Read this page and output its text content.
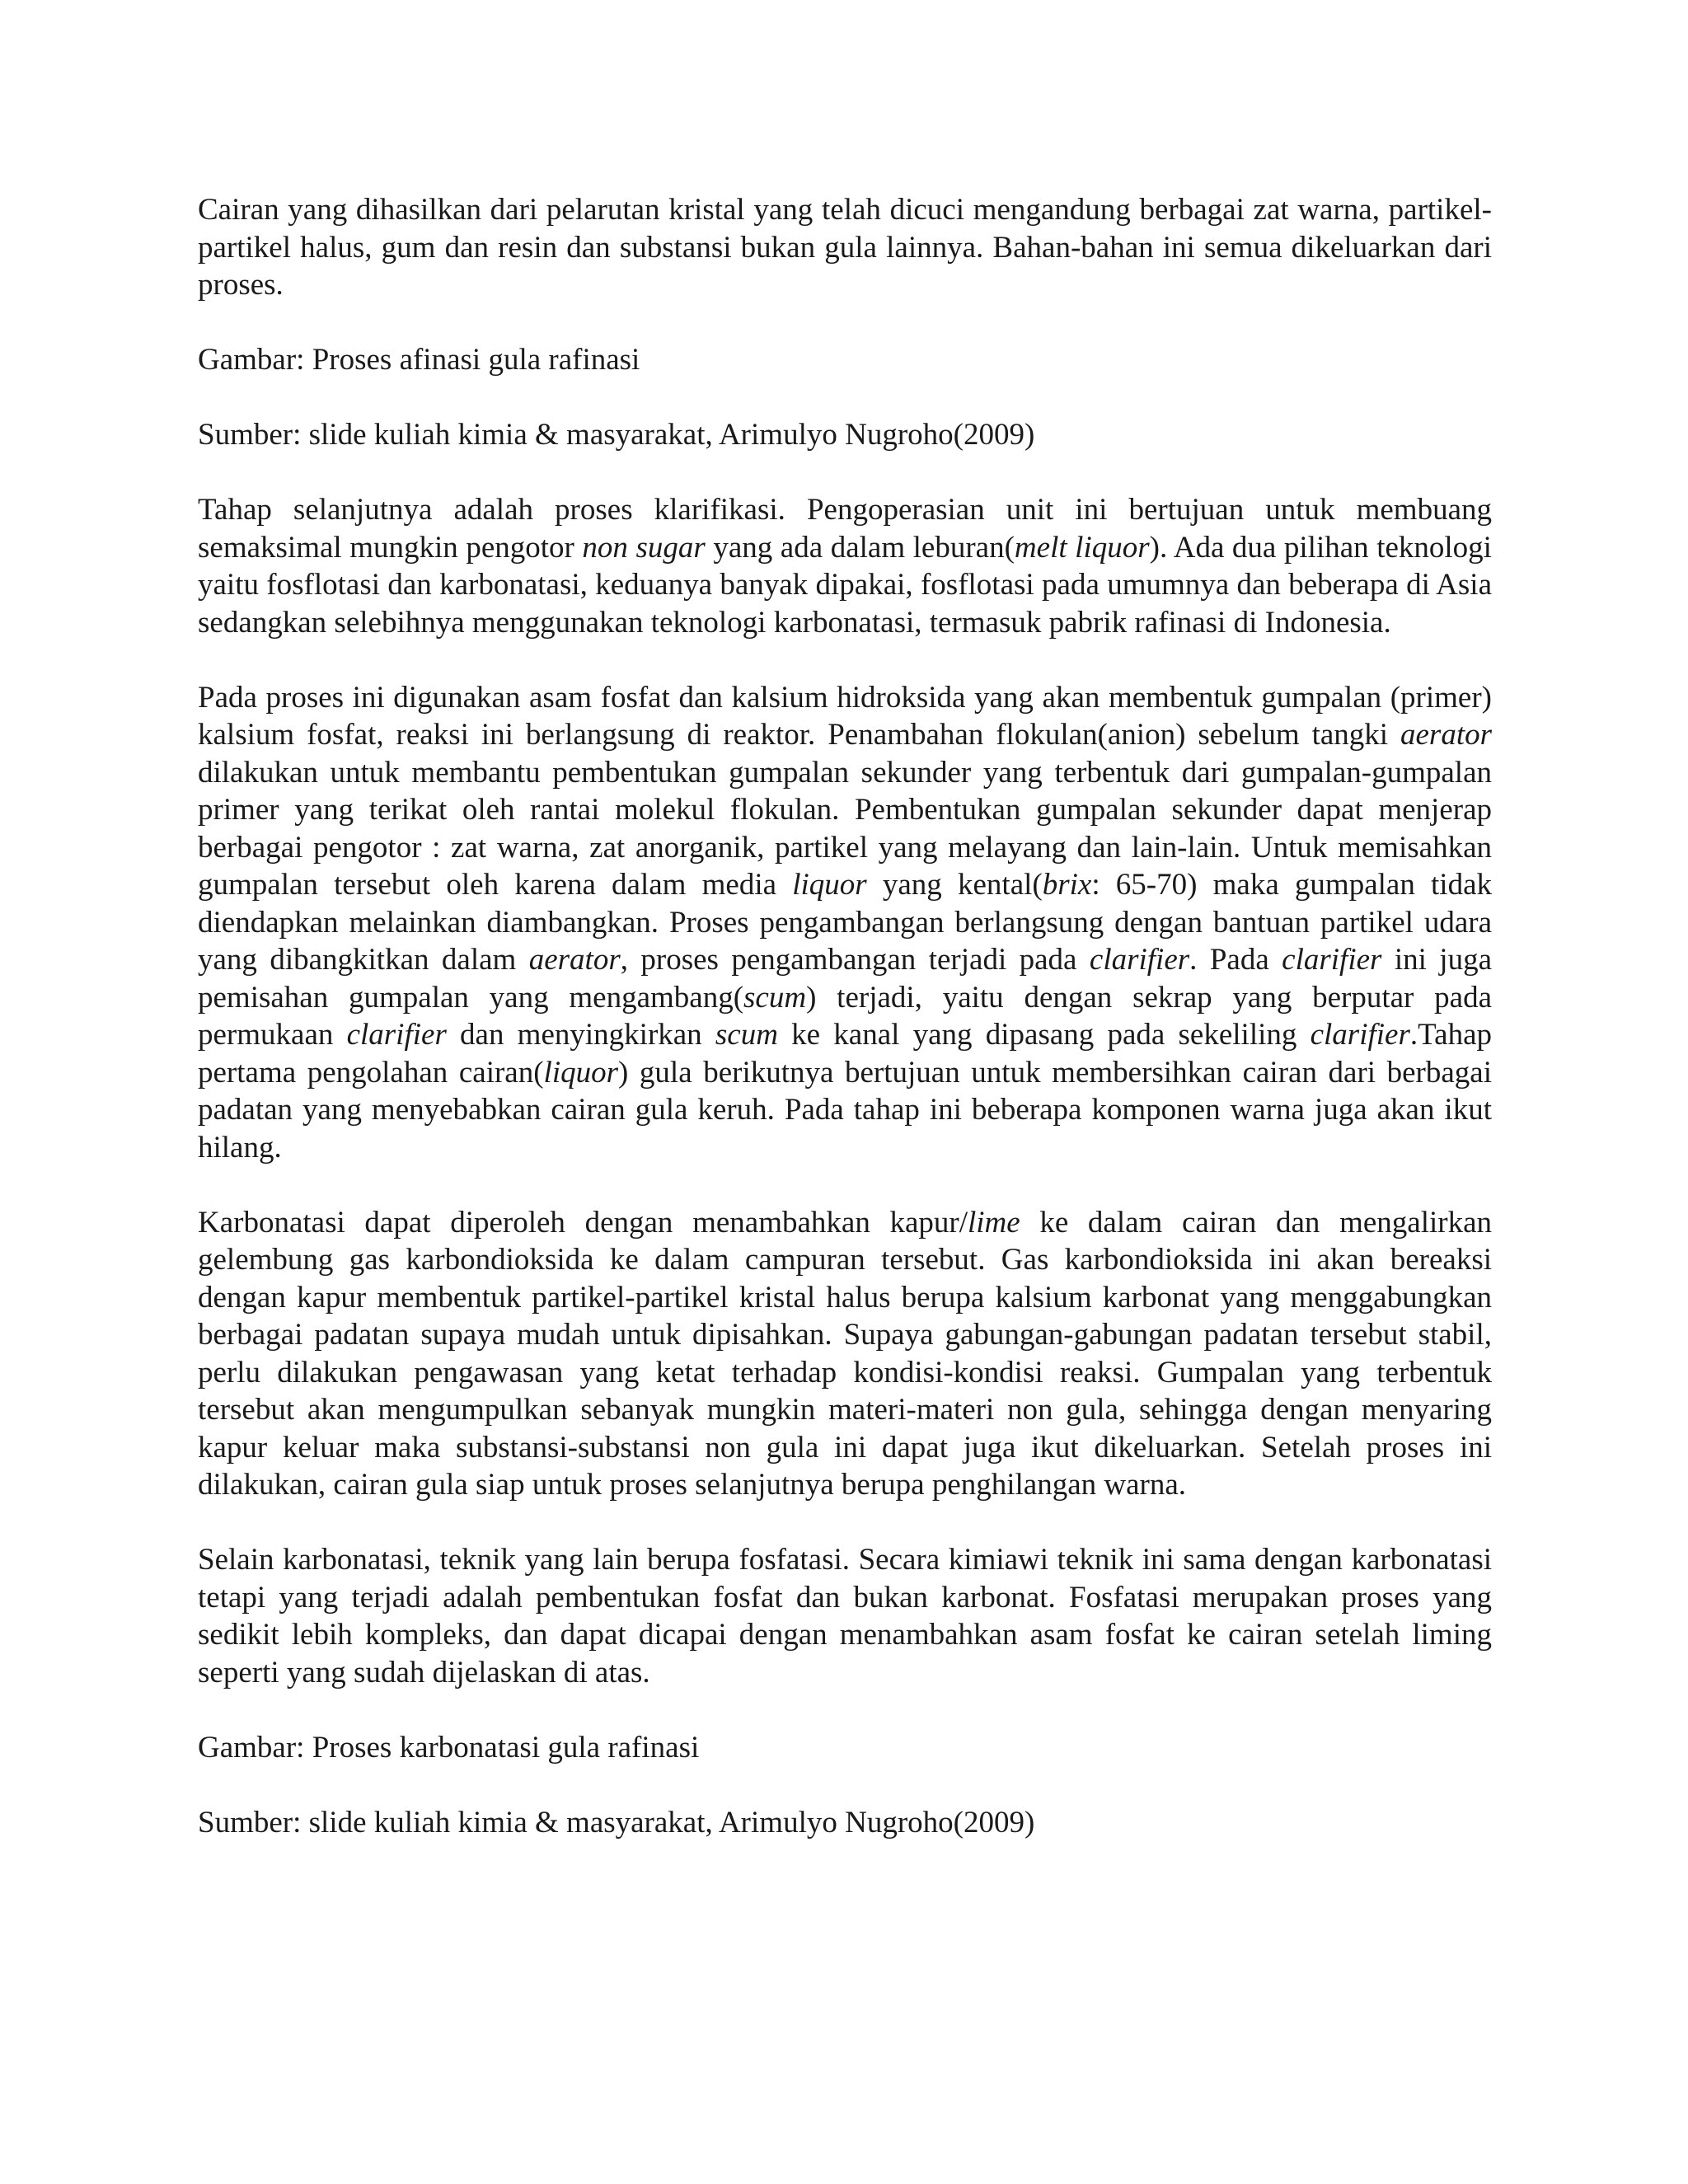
Cairan yang dihasilkan dari pelarutan kristal yang telah dicuci mengandung berbagai zat warna, partikel-partikel halus, gum dan resin dan substansi bukan gula lainnya. Bahan-bahan ini semua dikeluarkan dari proses.

Gambar: Proses afinasi gula rafinasi

Sumber: slide kuliah kimia & masyarakat, Arimulyo Nugroho(2009)

Tahap selanjutnya adalah proses klarifikasi. Pengoperasian unit ini bertujuan untuk membuang semaksimal mungkin pengotor non sugar yang ada dalam leburan(melt liquor). Ada dua pilihan teknologi yaitu fosflotasi dan karbonatasi, keduanya banyak dipakai, fosflotasi pada umumnya dan beberapa di Asia sedangkan selebihnya menggunakan teknologi karbonatasi, termasuk pabrik rafinasi di Indonesia.

Pada proses ini digunakan asam fosfat dan kalsium hidroksida yang akan membentuk gumpalan (primer) kalsium fosfat, reaksi ini berlangsung di reaktor. Penambahan flokulan(anion) sebelum tangki aerator dilakukan untuk membantu pembentukan gumpalan sekunder yang terbentuk dari gumpalan-gumpalan primer yang terikat oleh rantai molekul flokulan. Pembentukan gumpalan sekunder dapat menjerap berbagai pengotor : zat warna, zat anorganik, partikel yang melayang dan lain-lain. Untuk memisahkan gumpalan tersebut oleh karena dalam media liquor yang kental(brix: 65-70) maka gumpalan tidak diendapkan melainkan diambangkan. Proses pengambangan berlangsung dengan bantuan partikel udara yang dibangkitkan dalam aerator, proses pengambangan terjadi pada clarifier. Pada clarifier ini juga pemisahan gumpalan yang mengambang(scum) terjadi, yaitu dengan sekrap yang berputar pada permukaan clarifier dan menyingkirkan scum ke kanal yang dipasang pada sekeliling clarifier.Tahap pertama pengolahan cairan(liquor) gula berikutnya bertujuan untuk membersihkan cairan dari berbagai padatan yang menyebabkan cairan gula keruh. Pada tahap ini beberapa komponen warna juga akan ikut hilang.

Karbonatasi dapat diperoleh dengan menambahkan kapur/lime ke dalam cairan dan mengalirkan gelembung gas karbondioksida ke dalam campuran tersebut. Gas karbondioksida ini akan bereaksi dengan kapur membentuk partikel-partikel kristal halus berupa kalsium karbonat yang menggabungkan berbagai padatan supaya mudah untuk dipisahkan. Supaya gabungan-gabungan padatan tersebut stabil, perlu dilakukan pengawasan yang ketat terhadap kondisi-kondisi reaksi. Gumpalan yang terbentuk tersebut akan mengumpulkan sebanyak mungkin materi-materi non gula, sehingga dengan menyaring kapur keluar maka substansi-substansi non gula ini dapat juga ikut dikeluarkan. Setelah proses ini dilakukan, cairan gula siap untuk proses selanjutnya berupa penghilangan warna.

Selain karbonatasi, teknik yang lain berupa fosfatasi. Secara kimiawi teknik ini sama dengan karbonatasi tetapi yang terjadi adalah pembentukan fosfat dan bukan karbonat. Fosfatasi merupakan proses yang sedikit lebih kompleks, dan dapat dicapai dengan menambahkan asam fosfat ke cairan setelah liming seperti yang sudah dijelaskan di atas.

Gambar: Proses karbonatasi gula rafinasi

Sumber: slide kuliah kimia & masyarakat, Arimulyo Nugroho(2009)
